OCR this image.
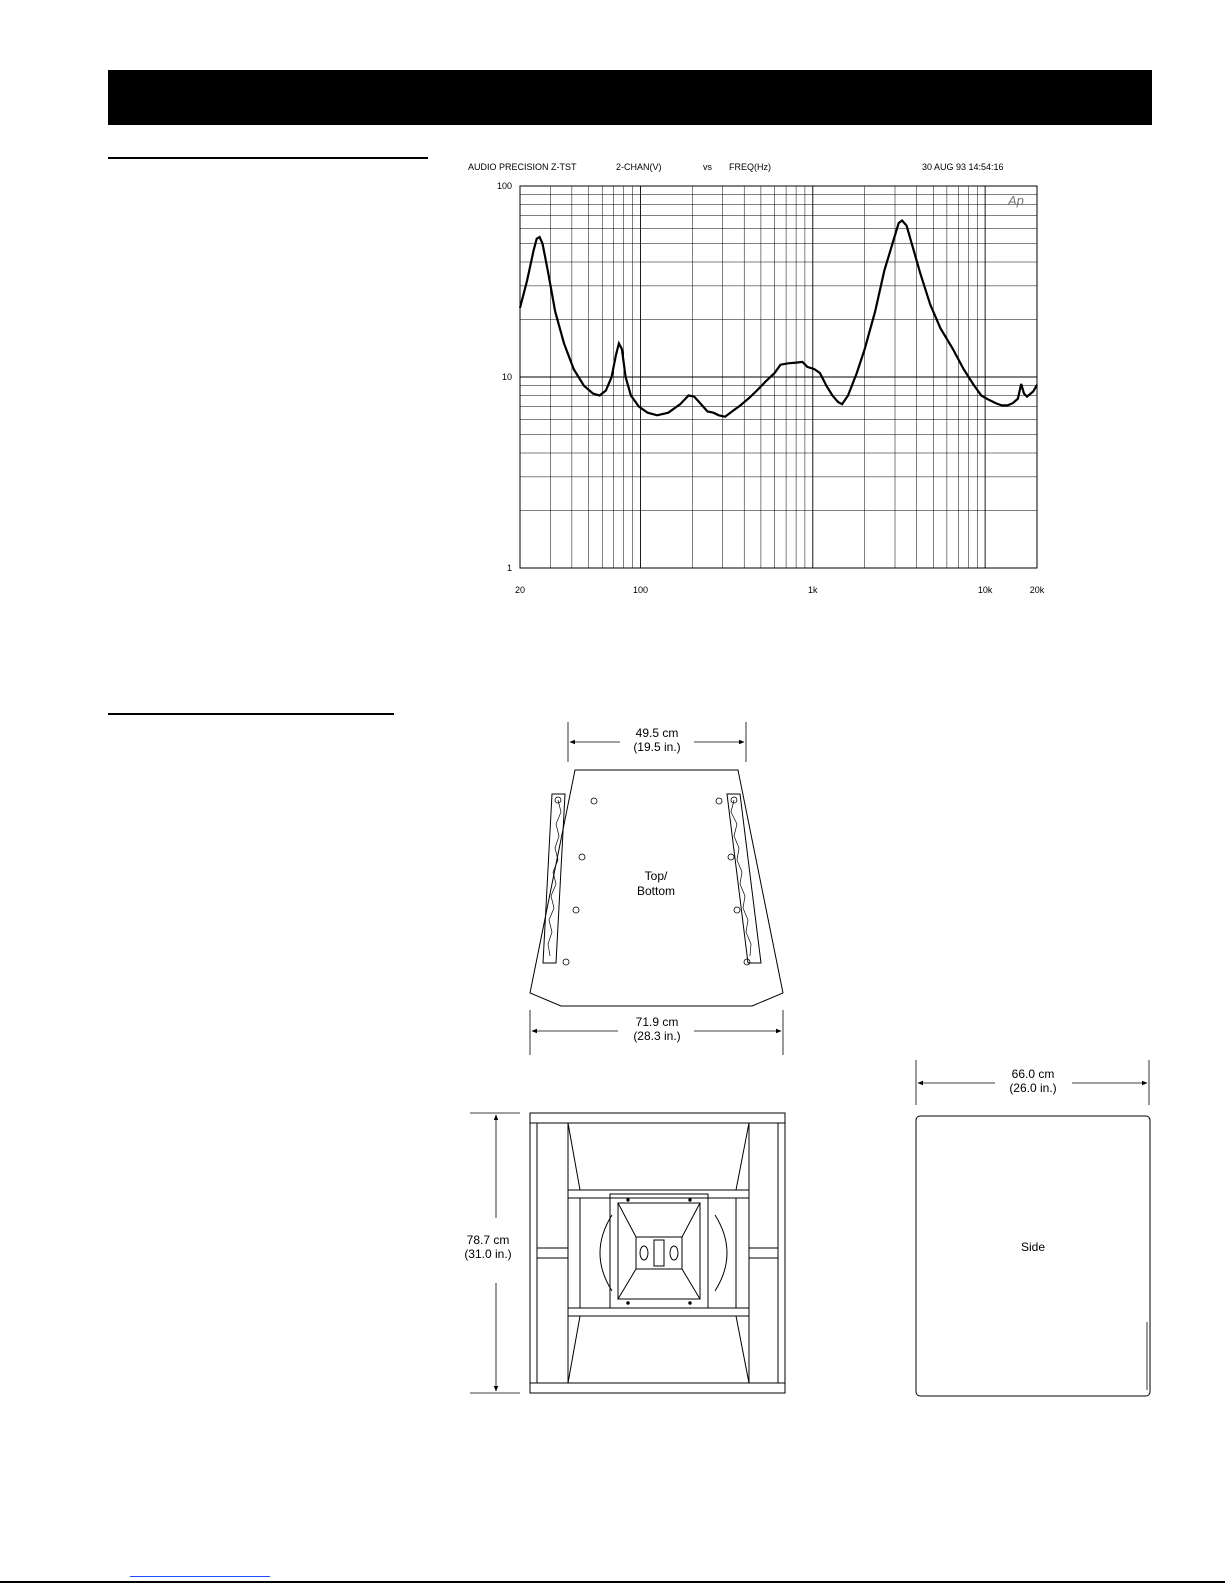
AUDIO PRECISION Z-TST	2-CHAN(V)	vs FREQ(Hz)	30 AUG 93 14:54:16
20	100	1k	10k	20k
100
10
1
Ap
49.5 cm
(19.5 in.)
Top/
Bottom
71.9 cm
(28.3 in.)
78.7 cm
(31.0 in.)
66.0 cm
(26.0 in.)
Side
